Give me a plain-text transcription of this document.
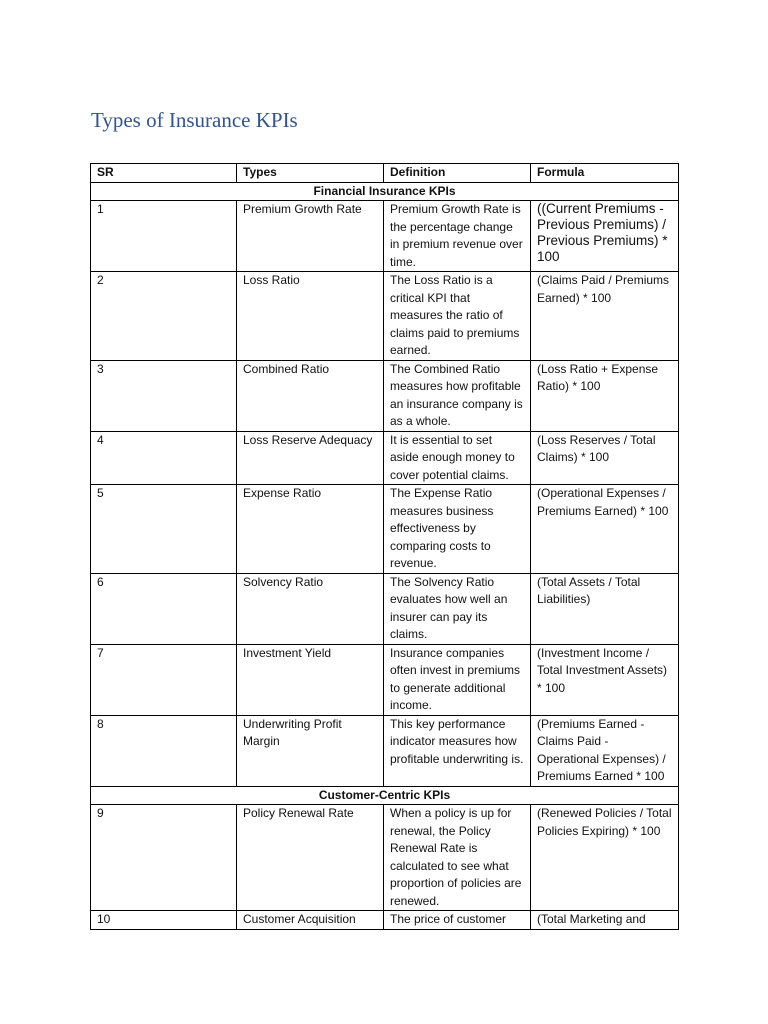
Types of Insurance KPIs
SR	Types	Definition	Formula
Financial Insurance KPIs			
1	Premium Growth Rate	Premium Growth Rate is the percentage change in premium revenue over time.	((Current Premiums - Previous Premiums) / Previous Premiums) * 100
2	Loss Ratio	The Loss Ratio is a critical KPI that measures the ratio of claims paid to premiums earned.	(Claims Paid / Premiums Earned) * 100
3	Combined Ratio	The Combined Ratio measures how profitable an insurance company is as a whole.	(Loss Ratio + Expense Ratio) * 100
4	Loss Reserve Adequacy	It is essential to set aside enough money to cover potential claims.	(Loss Reserves / Total Claims) * 100
5	Expense Ratio	The Expense Ratio measures business effectiveness by comparing costs to revenue.	(Operational Expenses / Premiums Earned) * 100
6	Solvency Ratio	The Solvency Ratio evaluates how well an insurer can pay its claims.	(Total Assets / Total Liabilities)
7	Investment Yield	Insurance companies often invest in premiums to generate additional income.	(Investment Income / Total Investment Assets) * 100
8	Underwriting Profit Margin	This key performance indicator measures how profitable underwriting is.	(Premiums Earned - Claims Paid - Operational Expenses) / Premiums Earned * 100
Customer-Centric KPIs			
9	Policy Renewal Rate	When a policy is up for renewal, the Policy Renewal Rate is calculated to see what proportion of policies are renewed.	(Renewed Policies / Total Policies Expiring) * 100
10	Customer Acquisition	The price of customer	(Total Marketing and
